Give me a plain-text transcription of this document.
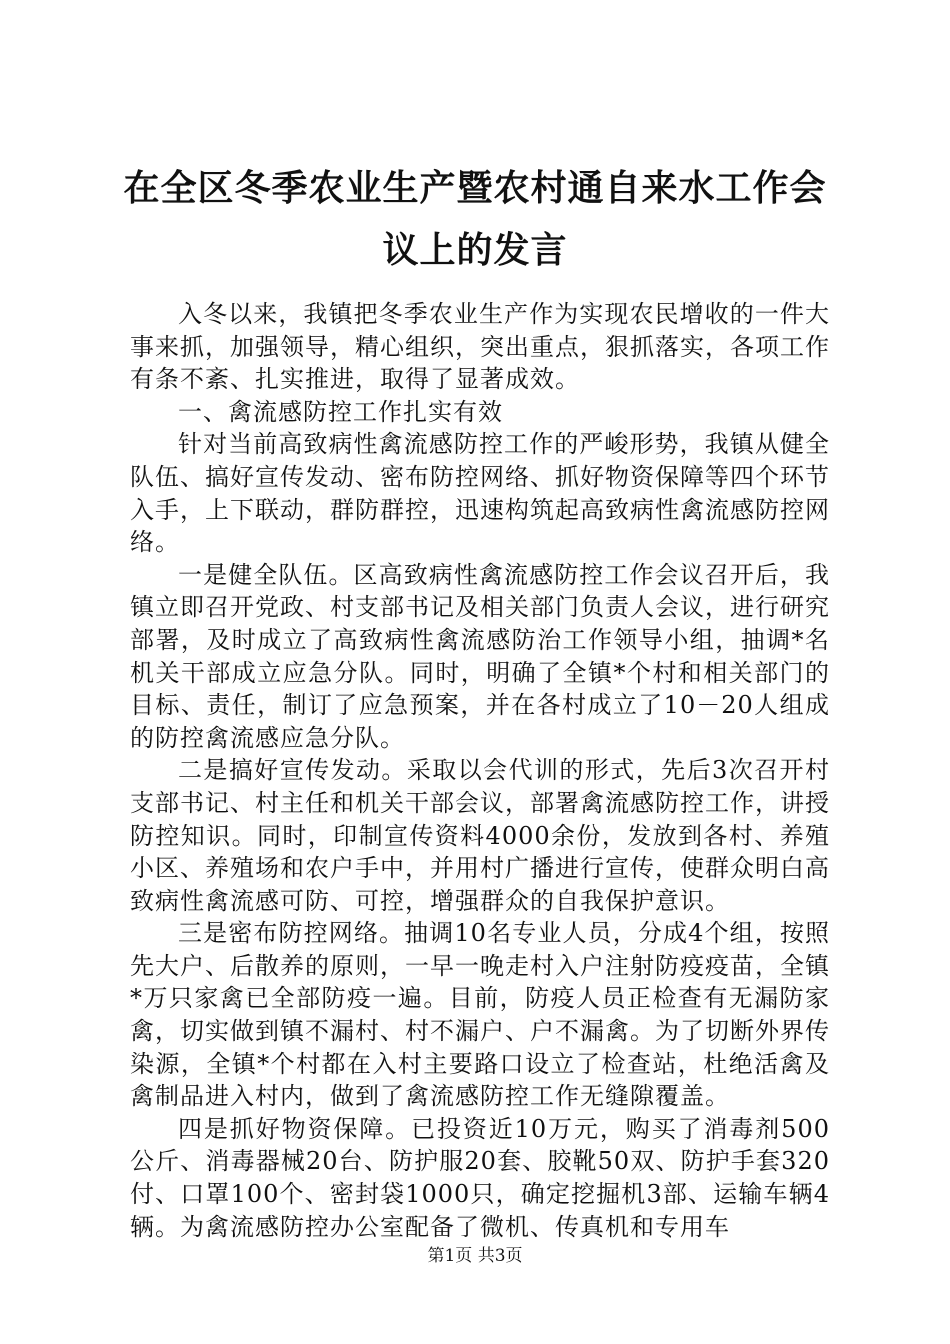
在全区冬季农业生产暨农村通自来水工作会议上的发言

入冬以来，我镇把冬季农业生产作为实现农民增收的一件大事来抓，加强领导，精心组织，突出重点，狠抓落实，各项工作有条不紊、扎实推进，取得了显著成效。

一、禽流感防控工作扎实有效

针对当前高致病性禽流感防控工作的严峻形势，我镇从健全队伍、搞好宣传发动、密布防控网络、抓好物资保障等四个环节入手，上下联动，群防群控，迅速构筑起高致病性禽流感防控网络。

一是健全队伍。区高致病性禽流感防控工作会议召开后，我镇立即召开党政、村支部书记及相关部门负责人会议，进行研究部署，及时成立了高致病性禽流感防治工作领导小组，抽调*名机关干部成立应急分队。同时，明确了全镇*个村和相关部门的目标、责任，制订了应急预案，并在各村成立了10－20人组成的防控禽流感应急分队。

二是搞好宣传发动。采取以会代训的形式，先后3次召开村支部书记、村主任和机关干部会议，部署禽流感防控工作，讲授防控知识。同时，印制宣传资料4000余份，发放到各村、养殖小区、养殖场和农户手中，并用村广播进行宣传，使群众明白高致病性禽流感可防、可控，增强群众的自我保护意识。

三是密布防控网络。抽调10名专业人员，分成4个组，按照先大户、后散养的原则，一早一晚走村入户注射防疫疫苗，全镇*万只家禽已全部防疫一遍。目前，防疫人员正检查有无漏防家禽，切实做到镇不漏村、村不漏户、户不漏禽。为了切断外界传染源，全镇*个村都在入村主要路口设立了检查站，杜绝活禽及禽制品进入村内，做到了禽流感防控工作无缝隙覆盖。

四是抓好物资保障。已投资近10万元，购买了消毒剂500公斤、消毒器械20台、防护服20套、胶靴50双、防护手套320付、口罩100个、密封袋1000只，确定挖掘机3部、运输车辆4辆。为禽流感防控办公室配备了微机、传真机和专用车

第1页 共3页
